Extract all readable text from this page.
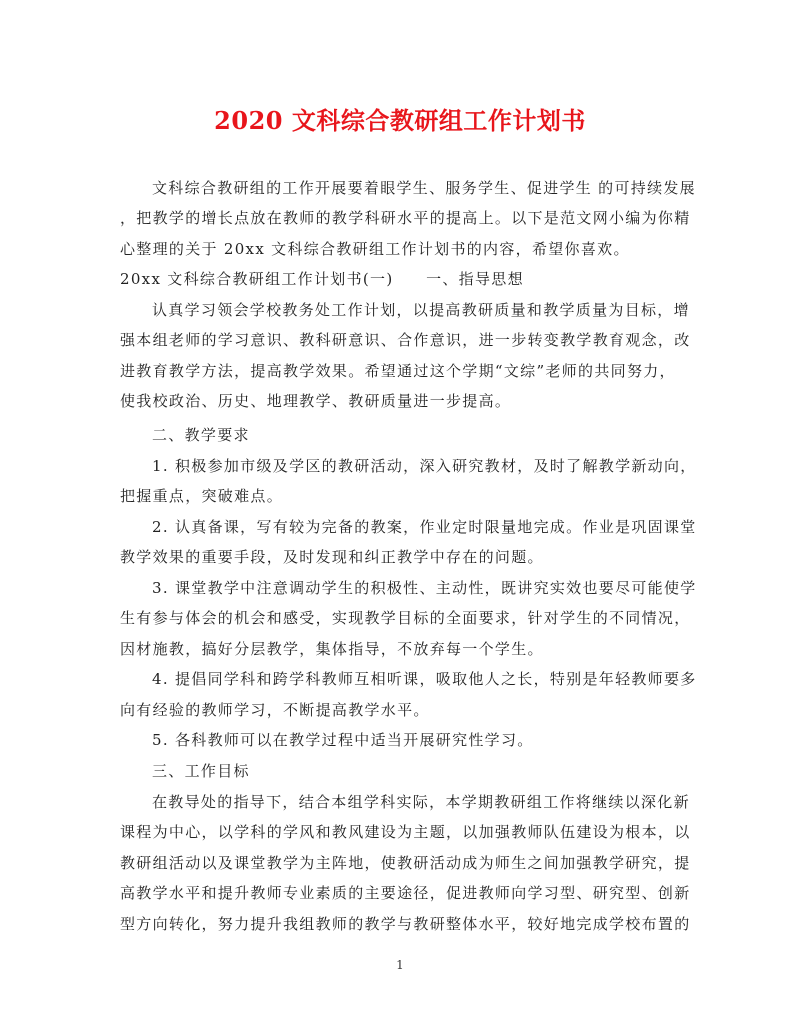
2020 文科综合教研组工作计划书
文科综合教研组的工作开展要着眼学生、服务学生、促进学生 的可持续发展
，把教学的增长点放在教师的教学科研水平的提高上。以下是范文网小编为你精
心整理的关于 20xx 文科综合教研组工作计划书的内容，希望你喜欢。
20xx 文科综合教研组工作计划书(一)　　一、指导思想
认真学习领会学校教务处工作计划，以提高教研质量和教学质量为目标，增
强本组老师的学习意识、教科研意识、合作意识，进一步转变教学教育观念，改
进教育教学方法，提高教学效果。希望通过这个学期“文综”老师的共同努力，
使我校政治、历史、地理教学、教研质量进一步提高。
二、教学要求
1. 积极参加市级及学区的教研活动，深入研究教材，及时了解教学新动向，
把握重点，突破难点。
2. 认真备课，写有较为完备的教案，作业定时限量地完成。作业是巩固课堂
教学效果的重要手段，及时发现和纠正教学中存在的问题。
3. 课堂教学中注意调动学生的积极性、主动性，既讲究实效也要尽可能使学
生有参与体会的机会和感受，实现教学目标的全面要求，针对学生的不同情况，
因材施教，搞好分层教学，集体指导，不放弃每一个学生。
4. 提倡同学科和跨学科教师互相听课，吸取他人之长，特别是年轻教师要多
向有经验的教师学习，不断提高教学水平。
5. 各科教师可以在教学过程中适当开展研究性学习。
三、工作目标
在教导处的指导下，结合本组学科实际，本学期教研组工作将继续以深化新
课程为中心，以学科的学风和教风建设为主题，以加强教师队伍建设为根本，以
教研组活动以及课堂教学为主阵地，使教研活动成为师生之间加强教学研究，提
高教学水平和提升教师专业素质的主要途径，促进教师向学习型、研究型、创新
型方向转化，努力提升我组教师的教学与教研整体水平，较好地完成学校布置的
1
